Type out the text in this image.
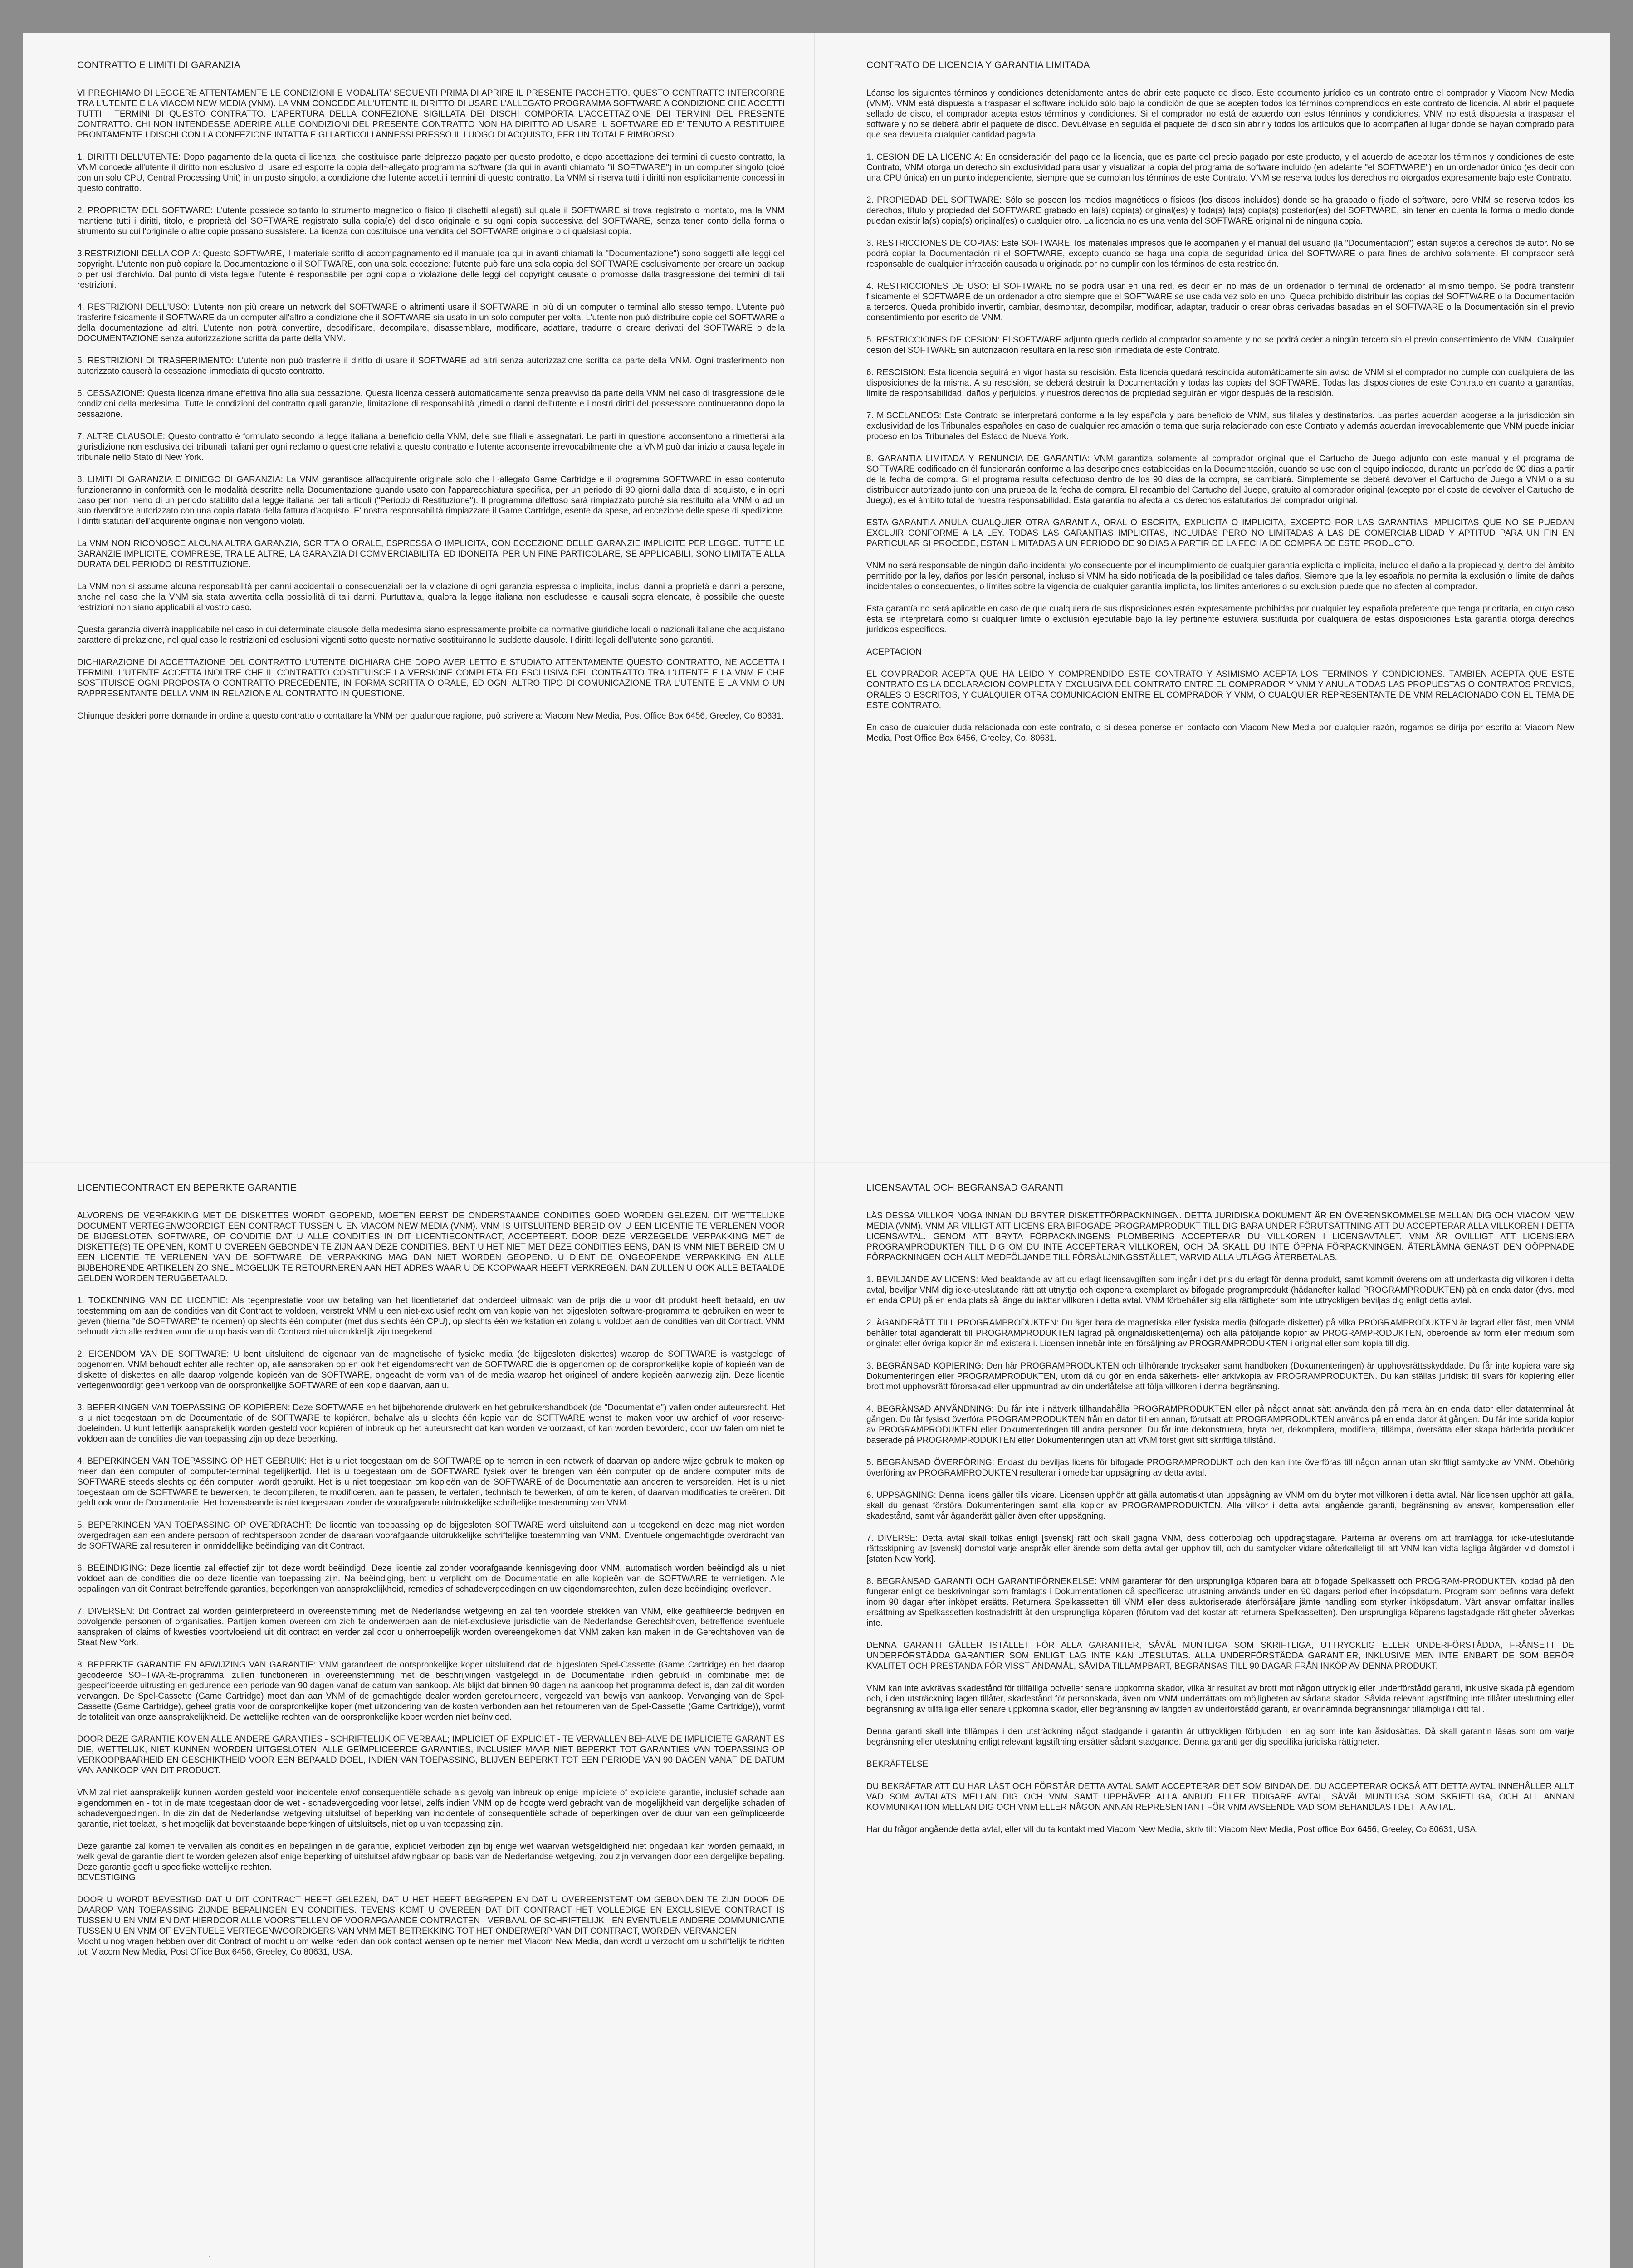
CONTRATTO E LIMITI DI GARANZIA
VI PREGHIAMO DI LEGGERE ATTENTAMENTE LE CONDIZIONI E MODALITA' SEGUENTI PRIMA DI APRIRE IL PRESENTE PACCHETTO. QUESTO CONTRATTO INTERCORRE TRA L'UTENTE E LA VIACOM NEW MEDIA (VNM). LA VNM CONCEDE ALL'UTENTE IL DIRITTO DI USARE L'ALLEGATO PROGRAMMA SOFTWARE A CONDIZIONE CHE ACCETTI TUTTI I TERMINI DI QUESTO CONTRATTO. L'APERTURA DELLA CONFEZIONE SIGILLATA DEI DISCHI COMPORTA L'ACCETTAZIONE DEI TERMINI DEL PRESENTE CONTRATTO. CHI NON INTENDESSE ADERIRE ALLE CONDIZIONI DEL PRESENTE CONTRATTO NON HA DIRITTO AD USARE IL SOFTWARE ED E' TENUTO A RESTITUIRE PRONTAMENTE I DISCHI CON LA CONFEZIONE INTATTA E GLI ARTICOLI ANNESSI PRESSO IL LUOGO DI ACQUISTO, PER UN TOTALE RIMBORSO.
1. DIRITTI DELL'UTENTE: Dopo pagamento della quota di licenza, che costituisce parte delprezzo pagato per questo prodotto, e dopo accettazione dei termini di questo contratto, la VNM concede all'utente il diritto non esclusivo di usare ed esporre la copia dell~allegato programma software (da qui in avanti chiamato "il SOFTWARE") in un computer singolo (cioè con un solo CPU, Central Processing Unit) in un posto singolo, a condizione che l'utente accetti i termini di questo contratto. La VNM si riserva tutti i diritti non esplicitamente concessi in questo contratto.
2. PROPRIETA' DEL SOFTWARE: L'utente possiede soltanto lo strumento magnetico o fisico (i dischetti allegati) sul quale il SOFTWARE si trova registrato o montato, ma la VNM mantiene tutti i diritti, titolo, e proprietà del SOFTWARE registrato sulla copia(e) del disco originale e su ogni copia successiva del SOFTWARE, senza tener conto della forma o strumento su cui l'originale o altre copie possano sussistere. La licenza con costituisce una vendita del SOFTWARE originale o di qualsiasi copia.
3.RESTRIZIONI DELLA COPIA: Questo SOFTWARE, il materiale scritto di accompagnamento ed il manuale (da qui in avanti chiamati la "Documentazione") sono soggetti alle leggi del copyright. L'utente non può copiare la Documentazione o il SOFTWARE, con una sola eccezione: l'utente può fare una sola copia del SOFTWARE esclusivamente per creare un backup o per usi d'archivio. Dal punto di vista legale l'utente è responsabile per ogni copia o violazione delle leggi del copyright causate o promosse dalla trasgressione dei termini di tali restrizioni.
4. RESTRIZIONI DELL'USO: L'utente non più creare un network del SOFTWARE o altrimenti usare il SOFTWARE in più di un computer o terminal allo stesso tempo. L'utente può trasferire fisicamente il SOFTWARE da un computer all'altro a condizione che il SOFTWARE sia usato in un solo computer per volta. L'utente non può distribuire copie del SOFTWARE o della documentazione ad altri. L'utente non potrà convertire, decodificare, decompilare, disassemblare, modificare, adattare, tradurre o creare derivati del SOFTWARE o della DOCUMENTAZIONE senza autorizzazione scritta da parte della VNM.
5. RESTRIZIONI DI TRASFERIMENTO: L'utente non può trasferire il diritto di usare il SOFTWARE ad altri senza autorizzazione scritta da parte della VNM. Ogni trasferimento non autorizzato causerà la cessazione immediata di questo contratto.
6. CESSAZIONE: Questa licenza rimane effettiva fino alla sua cessazione. Questa licenza cesserà automaticamente senza preavviso da parte della VNM nel caso di trasgressione delle condizioni della medesima. Tutte le condizioni del contratto quali garanzie, limitazione di responsabilità ,rimedi o danni dell'utente e i nostri diritti del possessore continueranno dopo la cessazione.
7. ALTRE CLAUSOLE: Questo contratto è formulato secondo la legge italiana a beneficio della VNM, delle sue filiali e assegnatari. Le parti in questione acconsentono a rimettersi alla giurisdizione non esclusiva dei tribunali italiani per ogni reclamo o questione relativi a questo contratto e l'utente acconsente irrevocabilmente che la VNM può dar inizio a causa legale in tribunale nello Stato di New York.
8. LIMITI DI GARANZIA E DINIEGO DI GARANZIA: La VNM garantisce all'acquirente originale solo che l~allegato Game Cartridge e il programma SOFTWARE in esso contenuto funzioneranno in conformità con le modalità descritte nella Documentazione quando usato con l'apparecchiatura specifica, per un periodo di 90 giorni dalla data di acquisto, e in ogni caso per non meno di un periodo stabilito dalla legge italiana per tali articoli ("Periodo di Restituzione"). Il programma difettoso sarà rimpiazzato purché sia restituito alla VNM o ad un suo rivenditore autorizzato con una copia datata della fattura d'acquisto. E' nostra responsabilità rimpiazzare il Game Cartridge, esente da spese, ad eccezione delle spese di spedizione. I diritti statutari dell'acquirente originale non vengono violati.
La VNM NON RICONOSCE ALCUNA ALTRA GARANZIA, SCRITTA O ORALE, ESPRESSA O IMPLICITA, CON ECCEZIONE DELLE GARANZIE IMPLICITE PER LEGGE. TUTTE LE GARANZIE IMPLICITE, COMPRESE, TRA LE ALTRE, LA GARANZIA DI COMMERCIABILITA' ED IDONEITA' PER UN FINE PARTICOLARE, SE APPLICABILI, SONO LIMITATE ALLA DURATA DEL PERIODO DI RESTITUZIONE.
La VNM non si assume alcuna responsabilità per danni accidentali o consequenziali per la violazione di ogni garanzia espressa o implicita, inclusi danni a proprietà e danni a persone, anche nel caso che la VNM sia stata avvertita della possibilità di tali danni. Purtuttavia, qualora la legge italiana non escludesse le causali sopra elencate, è possibile che queste restrizioni non siano applicabili al vostro caso.
Questa garanzia diverrà inapplicabile nel caso in cui determinate clausole della medesima siano espressamente proibite da normative giuridiche locali o nazionali italiane che acquistano carattere di prelazione, nel qual caso le restrizioni ed esclusioni vigenti sotto queste normative sostituiranno le suddette clausole. I diritti legali dell'utente sono garantiti.
DICHIARAZIONE DI ACCETTAZIONE DEL CONTRATTO L'UTENTE DICHIARA CHE DOPO AVER LETTO E STUDIATO ATTENTAMENTE QUESTO CONTRATTO, NE ACCETTA I TERMINI. L'UTENTE ACCETTA INOLTRE CHE IL CONTRATTO COSTITUISCE LA VERSIONE COMPLETA ED ESCLUSIVA DEL CONTRATTO TRA L'UTENTE E LA VNM E CHE SOSTITUISCE OGNI PROPOSTA O CONTRATTO PRECEDENTE, IN FORMA SCRITTA O ORALE, ED OGNI ALTRO TIPO DI COMUNICAZIONE TRA L'UTENTE E LA VNM O UN RAPPRESENTANTE DELLA VNM IN RELAZIONE AL CONTRATTO IN QUESTIONE.
Chiunque desideri porre domande in ordine a questo contratto o contattare la VNM per qualunque ragione, può scrivere a: Viacom New Media, Post Office Box 6456, Greeley, Co 80631.
CONTRATO DE LICENCIA Y GARANTIA LIMITADA
Léanse los siguientes términos y condiciones detenidamente antes de abrir este paquete de disco. Este documento jurídico es un contrato entre el comprador y Viacom New Media (VNM). VNM está dispuesta a traspasar el software incluido sólo bajo la condición de que se acepten todos los términos comprendidos en este contrato de licencia. Al abrir el paquete sellado de disco, el comprador acepta estos términos y condiciones. Si el comprador no está de acuerdo con estos términos y condiciones, VNM no está dispuesta a traspasar el software y no se deberá abrir el paquete de disco. Devuélvase en seguida el paquete del disco sin abrir y todos los artículos que lo acompañen al lugar donde se hayan comprado para que sea devuelta cualquier cantidad pagada.
1. CESION DE LA LICENCIA: En consideración del pago de la licencia, que es parte del precio pagado por este producto, y el acuerdo de aceptar los términos y condiciones de este Contrato, VNM otorga un derecho sin exclusividad para usar y visualizar la copia del programa de software incluido (en adelante "el SOFTWARE") en un ordenador único (es decir con una CPU única) en un punto independiente, siempre que se cumplan los términos de este Contrato. VNM se reserva todos los derechos no otorgados expresamente bajo este Contrato.
2. PROPIEDAD DEL SOFTWARE: Sólo se poseen los medios magnéticos o físicos (los discos incluidos) donde se ha grabado o fijado el software, pero VNM se reserva todos los derechos, título y propiedad del SOFTWARE grabado en la(s) copia(s) original(es) y toda(s) la(s) copia(s) posterior(es) del SOFTWARE, sin tener en cuenta la forma o medio donde puedan existir la(s) copia(s) original(es) o cualquier otro. La licencia no es una venta del SOFTWARE original ni de ninguna copia.
3. RESTRICCIONES DE COPIAS: Este SOFTWARE, los materiales impresos que le acompañen y el manual del usuario (la "Documentación") están sujetos a derechos de autor. No se podrá copiar la Documentación ni el SOFTWARE, excepto cuando se haga una copia de seguridad única del SOFTWARE o para fines de archivo solamente. El comprador será responsable de cualquier infracción causada u originada por no cumplir con los términos de esta restricción.
4. RESTRICCIONES DE USO: El SOFTWARE no se podrá usar en una red, es decir en no más de un ordenador o terminal de ordenador al mismo tiempo. Se podrá transferir físicamente el SOFTWARE de un ordenador a otro siempre que el SOFTWARE se use cada vez sólo en uno. Queda prohibido distribuir las copias del SOFTWARE o la Documentación a terceros. Queda prohibido invertir, cambiar, desmontar, decompilar, modificar, adaptar, traducir o crear obras derivadas basadas en el SOFTWARE o la Documentación sin el previo consentimiento por escrito de VNM.
5. RESTRICCIONES DE CESION: El SOFTWARE adjunto queda cedido al comprador solamente y no se podrá ceder a ningún tercero sin el previo consentimiento de VNM. Cualquier cesión del SOFTWARE sin autorización resultará en la rescisión inmediata de este Contrato.
6. RESCISION: Esta licencia seguirá en vigor hasta su rescisión. Esta licencia quedará rescindida automáticamente sin aviso de VNM si el comprador no cumple con cualquiera de las disposiciones de la misma. A su rescisión, se deberá destruir la Documentación y todas las copias del SOFTWARE. Todas las disposiciones de este Contrato en cuanto a garantías, límite de responsabilidad, daños y perjuicios, y nuestros derechos de propiedad seguirán en vigor después de la rescisión.
7. MISCELANEOS: Este Contrato se interpretará conforme a la ley española y para beneficio de VNM, sus filiales y destinatarios. Las partes acuerdan acogerse a la jurisdicción sin exclusividad de los Tribunales españoles en caso de cualquier reclamación o tema que surja relacionado con este Contrato y además acuerdan irrevocablemente que VNM puede iniciar proceso en los Tribunales del Estado de Nueva York.
8. GARANTIA LIMITADA Y RENUNCIA DE GARANTIA: VNM garantiza solamente al comprador original que el Cartucho de Juego adjunto con este manual y el programa de SOFTWARE codificado en él funcionarán conforme a las descripciones establecidas en la Documentación, cuando se use con el equipo indicado, durante un período de 90 días a partir de la fecha de compra. Si el programa resulta defectuoso dentro de los 90 días de la compra, se cambiará. Simplemente se deberá devolver el Cartucho de Juego a VNM o a su distribuidor autorizado junto con una prueba de la fecha de compra. El recambio del Cartucho del Juego, gratuito al comprador original (excepto por el coste de devolver el Cartucho de Juego), es el ámbito total de nuestra responsabilidad. Esta garantía no afecta a los derechos estatutarios del comprador original.
ESTA GARANTIA ANULA CUALQUIER OTRA GARANTIA, ORAL O ESCRITA, EXPLICITA O IMPLICITA, EXCEPTO POR LAS GARANTIAS IMPLICITAS QUE NO SE PUEDAN EXCLUIR CONFORME A LA LEY. TODAS LAS GARANTIAS IMPLICITAS, INCLUIDAS PERO NO LIMITADAS A LAS DE COMERCIABILIDAD Y APTITUD PARA UN FIN EN PARTICULAR SI PROCEDE, ESTAN LIMITADAS A UN PERIODO DE 90 DIAS A PARTIR DE LA FECHA DE COMPRA DE ESTE PRODUCTO.
VNM no será responsable de ningún daño incidental y/o consecuente por el incumplimiento de cualquier garantía explícita o implícita, incluido el daño a la propiedad y, dentro del ámbito permitido por la ley, daños por lesión personal, incluso si VNM ha sido notificada de la posibilidad de tales daños. Siempre que la ley española no permita la exclusión o límite de daños incidentales o consecuentes, o límites sobre la vigencia de cualquier garantía implícita, los límites anteriores o su exclusión puede que no afecten al comprador.
Esta garantía no será aplicable en caso de que cualquiera de sus disposiciones estén expresamente prohibidas por cualquier ley española preferente que tenga prioritaria, en cuyo caso ésta se interpretará como si cualquier límite o exclusión ejecutable bajo la ley pertinente estuviera sustituida por cualquiera de estas disposiciones Esta garantía otorga derechos jurídicos específicos.
ACEPTACION
EL COMPRADOR ACEPTA QUE HA LEIDO Y COMPRENDIDO ESTE CONTRATO Y ASIMISMO ACEPTA LOS TERMINOS Y CONDICIONES. TAMBIEN ACEPTA QUE ESTE CONTRATO ES LA DECLARACION COMPLETA Y EXCLUSIVA DEL CONTRATO ENTRE EL COMPRADOR Y VNM Y ANULA TODAS LAS PROPUESTAS O CONTRATOS PREVIOS, ORALES O ESCRITOS, Y CUALQUIER OTRA COMUNICACION ENTRE EL COMPRADOR Y VNM, O CUALQUIER REPRESENTANTE DE VNM RELACIONADO CON EL TEMA DE ESTE CONTRATO.
En caso de cualquier duda relacionada con este contrato, o si desea ponerse en contacto con Viacom New Media por cualquier razón, rogamos se dirija por escrito a: Viacom New Media, Post Office Box 6456, Greeley, Co. 80631.
LICENTIECONTRACT EN BEPERKTE GARANTIE
ALVORENS DE VERPAKKING MET DE DISKETTES WORDT GEOPEND, MOETEN EERST DE ONDERSTAANDE CONDITIES GOED WORDEN GELEZEN. DIT WETTELIJKE DOCUMENT VERTEGENWOORDIGT EEN CONTRACT TUSSEN U EN VIACOM NEW MEDIA (VNM). VNM IS UITSLUITEND BEREID OM U EEN LICENTIE TE VERLENEN VOOR DE BIJGESLOTEN SOFTWARE, OP CONDITIE DAT U ALLE CONDITIES IN DIT LICENTIECONTRACT, ACCEPTEERT. DOOR DEZE VERZEGELDE VERPAKKING MET de DISKETTE(S) TE OPENEN, KOMT U OVEREEN GEBONDEN TE ZIJN AAN DEZE CONDITIES. BENT U HET NIET MET DEZE CONDITIES EENS, DAN IS VNM NIET BEREID OM U EEN LICENTIE TE VERLENEN VAN DE SOFTWARE. DE VERPAKKING MAG DAN NIET WORDEN GEOPEND. U DIENT DE ONGEOPENDE VERPAKKING EN ALLE BIJBEHORENDE ARTIKELEN ZO SNEL MOGELIJK TE RETOURNEREN AAN HET ADRES WAAR U DE KOOPWAAR HEEFT VERKREGEN. DAN ZULLEN U OOK ALLE BETAALDE GELDEN WORDEN TERUGBETAALD.
1. TOEKENNING VAN DE LICENTIE: Als tegenprestatie voor uw betaling van het licentietarief dat onderdeel uitmaakt van de prijs die u voor dit produkt heeft betaald, en uw toestemming om aan de condities van dit Contract te voldoen, verstrekt VNM u een niet-exclusief recht om van kopie van het bijgesloten software-programma te gebruiken en weer te geven (hierna "de SOFTWARE" te noemen) op slechts één computer (met dus slechts één CPU), op slechts één werkstation en zolang u voldoet aan de condities van dit Contract. VNM behoudt zich alle rechten voor die u op basis van dit Contract niet uitdrukkelijk zijn toegekend.
2. EIGENDOM VAN DE SOFTWARE: U bent uitsluitend de eigenaar van de magnetische of fysieke media (de bijgesloten diskettes) waarop de SOFTWARE is vastgelegd of opgenomen. VNM behoudt echter alle rechten op, alle aanspraken op en ook het eigendomsrecht van de SOFTWARE die is opgenomen op de oorspronkelijke kopie of kopieën van de diskette of diskettes en alle daarop volgende kopieën van de SOFTWARE, ongeacht de vorm van of de media waarop het origineel of andere kopieën aanwezig zijn. Deze licentie vertegenwoordigt geen verkoop van de oorspronkelijke SOFTWARE of een kopie daarvan, aan u.
3. BEPERKINGEN VAN TOEPASSING OP KOPIËREN: Deze SOFTWARE en het bijbehorende drukwerk en het gebruikershandboek (de "Documentatie") vallen onder auteursrecht. Het is u niet toegestaan om de Documentatie of de SOFTWARE te kopiëren, behalve als u slechts één kopie van de SOFTWARE wenst te maken voor uw archief of voor reserve-doeleinden. U kunt letterlijk aansprakelijk worden gesteld voor kopiëren of inbreuk op het auteursrecht dat kan worden veroorzaakt, of kan worden bevorderd, door uw falen om niet te voldoen aan de condities die van toepassing zijn op deze beperking.
4. BEPERKINGEN VAN TOEPASSING OP HET GEBRUIK: Het is u niet toegestaan om de SOFTWARE op te nemen in een netwerk of daarvan op andere wijze gebruik te maken op meer dan één computer of computer-terminal tegelijkertijd. Het is u toegestaan om de SOFTWARE fysiek over te brengen van één computer op de andere computer mits de SOFTWARE steeds slechts op één computer, wordt gebruikt. Het is u niet toegestaan om kopieën van de SOFTWARE of de Documentatie aan anderen te verspreiden. Het is u niet toegestaan om de SOFTWARE te bewerken, te decompileren, te modificeren, aan te passen, te vertalen, technisch te bewerken, of om te keren, of daarvan modificaties te creëren. Dit geldt ook voor de Documentatie. Het bovenstaande is niet toegestaan zonder de voorafgaande uitdrukkelijke schriftelijke toestemming van VNM.
5. BEPERKINGEN VAN TOEPASSING OP OVERDRACHT: De licentie van toepassing op de bijgesloten SOFTWARE werd uitsluitend aan u toegekend en deze mag niet worden overgedragen aan een andere persoon of rechtspersoon zonder de daaraan voorafgaande uitdrukkelijke schriftelijke toestemming van VNM. Eventuele ongemachtigde overdracht van de SOFTWARE zal resulteren in onmiddellijke beëindiging van dit Contract.
6. BEËINDIGING: Deze licentie zal effectief zijn tot deze wordt beëindigd. Deze licentie zal zonder voorafgaande kennisgeving door VNM, automatisch worden beëindigd als u niet voldoet aan de condities die op deze licentie van toepassing zijn. Na beëindiging, bent u verplicht om de Documentatie en alle kopieën van de SOFTWARE te vernietigen. Alle bepalingen van dit Contract betreffende garanties, beperkingen van aansprakelijkheid, remedies of schadevergoedingen en uw eigendomsrechten, zullen deze beëindiging overleven.
7. DIVERSEN: Dit Contract zal worden geïnterpreteerd in overeenstemming met de Nederlandse wetgeving en zal ten voordele strekken van VNM, elke geaffilieerde bedrijven en opvolgende personen of organisaties. Partijen komen overeen om zich te onderwerpen aan de niet-exclusieve jurisdictie van de Nederlandse Gerechtshoven, betreffende eventuele aanspraken of claims of kwesties voortvloeiend uit dit contract en verder zal door u onherroepelijk worden overeengekomen dat VNM zaken kan maken in de Gerechtshoven van de Staat New York.
8. BEPERKTE GARANTIE EN AFWIJZING VAN GARANTIE: VNM garandeert de oorspronkelijke koper uitsluitend dat de bijgesloten Spel-Cassette (Game Cartridge) en het daarop gecodeerde SOFTWARE-programma, zullen functioneren in overeenstemming met de beschrijvingen vastgelegd in de Documentatie indien gebruikt in combinatie met de gespecificeerde uitrusting en gedurende een periode van 90 dagen vanaf de datum van aankoop. Als blijkt dat binnen 90 dagen na aankoop het programma defect is, dan zal dit worden vervangen. De Spel-Cassette (Game Cartridge) moet dan aan VNM of de gemachtigde dealer worden geretourneerd, vergezeld van bewijs van aankoop. Vervanging van de Spel-Cassette (Game Cartridge), geheel gratis voor de oorspronkelijke koper (met uitzondering van de kosten verbonden aan het retourneren van de Spel-Cassette (Game Cartridge)), vormt de totaliteit van onze aansprakelijkheid. De wettelijke rechten van de oorspronkelijke koper worden niet beïnvloed.
DOOR DEZE GARANTIE KOMEN ALLE ANDERE GARANTIES - SCHRIFTELIJK OF VERBAAL; IMPLICIET OF EXPLICIET - TE VERVALLEN BEHALVE DE IMPLICIETE GARANTIES DIE, WETTELIJK, NIET KUNNEN WORDEN UITGESLOTEN. ALLE GEÏMPLICEERDE GARANTIES, INCLUSIEF MAAR NIET BEPERKT TOT GARANTIES VAN TOEPASSING OP VERKOOPBAARHEID EN GESCHIKTHEID VOOR EEN BEPAALD DOEL, INDIEN VAN TOEPASSING, BLIJVEN BEPERKT TOT EEN PERIODE VAN 90 DAGEN VANAF DE DATUM VAN AANKOOP VAN DIT PRODUCT.
VNM zal niet aansprakelijk kunnen worden gesteld voor incidentele en/of consequentiële schade als gevolg van inbreuk op enige impliciete of expliciete garantie, inclusief schade aan eigendommen en - tot in de mate toegestaan door de wet - schadevergoeding voor letsel, zelfs indien VNM op de hoogte werd gebracht van de mogelijkheid van dergelijke schaden of schadevergoedingen. In die zin dat de Nederlandse wetgeving uitsluitsel of beperking van incidentele of consequentiële schade of beperkingen over de duur van een geïmpliceerde garantie, niet toelaat, is het mogelijk dat bovenstaande beperkingen of uitsluitsels, niet op u van toepassing zijn.
Deze garantie zal komen te vervallen als condities en bepalingen in de garantie, expliciet verboden zijn bij enige wet waarvan wetsgeldigheid niet ongedaan kan worden gemaakt, in welk geval de garantie dient te worden gelezen alsof enige beperking of uitsluitsel afdwingbaar op basis van de Nederlandse wetgeving, zou zijn vervangen door een dergelijke bepaling. Deze garantie geeft u specifieke wettelijke rechten.
BEVESTIGING
DOOR U WORDT BEVESTIGD DAT U DIT CONTRACT HEEFT GELEZEN, DAT U HET HEEFT BEGREPEN EN DAT U OVEREENSTEMT OM GEBONDEN TE ZIJN DOOR DE DAAROP VAN TOEPASSING ZIJNDE BEPALINGEN EN CONDITIES. TEVENS KOMT U OVEREEN DAT DIT CONTRACT HET VOLLEDIGE EN EXCLUSIEVE CONTRACT IS TUSSEN U EN VNM EN DAT HIERDOOR ALLE VOORSTELLEN OF VOORAFGAANDE CONTRACTEN - VERBAAL OF SCHRIFTELIJK - EN EVENTUELE ANDERE COMMUNICATIE TUSSEN U EN VNM OF EVENTUELE VERTEGENWOORDIGERS VAN VNM MET BETREKKING TOT HET ONDERWERP VAN DIT CONTRACT, WORDEN VERVANGEN.
Mocht u nog vragen hebben over dit Contract of mocht u om welke reden dan ook contact wensen op te nemen met Viacom New Media, dan wordt u verzocht om u schriftelijk te richten tot: Viacom New Media, Post Office Box 6456, Greeley, Co 80631, USA.
LICENSAVTAL OCH BEGRÄNSAD GARANTI
LÄS DESSA VILLKOR NOGA INNAN DU BRYTER DISKETTFÖRPACKNINGEN. DETTA JURIDISKA DOKUMENT ÄR EN ÖVERENSKOMMELSE MELLAN DIG OCH VIACOM NEW MEDIA (VNM). VNM ÄR VILLIGT ATT LICENSIERA BIFOGADE PROGRAMPRODUKT TILL DIG BARA UNDER FÖRUTSÄTTNING ATT DU ACCEPTERAR ALLA VILLKOREN I DETTA LICENSAVTAL. GENOM ATT BRYTA FÖRPACKNINGENS PLOMBERING ACCEPTERAR DU VILLKOREN I LICENSAVTALET. VNM ÄR OVILLIGT ATT LICENSIERA PROGRAMPRODUKTEN TILL DIG OM DU INTE ACCEPTERAR VILLKOREN, OCH DÅ SKALL DU INTE ÖPPNA FÖRPACKNINGEN. ÅTERLÄMNA GENAST DEN OÖPPNADE FÖRPACKNINGEN OCH ALLT MEDFÖLJANDE TILL FÖRSÄLJNINGSSTÄLLET, VARVID ALLA UTLÄGG ÅTERBETALAS.
1. BEVILJANDE AV LICENS: Med beaktande av att du erlagt licensavgiften som ingår i det pris du erlagt för denna produkt, samt kommit överens om att underkasta dig villkoren i detta avtal, beviljar VNM dig icke-uteslutande rätt att utnyttja och exponera exemplaret av bifogade programprodukt (hädanefter kallad PROGRAMPRODUKTEN) på en enda dator (dvs. med en enda CPU) på en enda plats så länge du iakttar villkoren i detta avtal. VNM förbehåller sig alla rättigheter som inte uttryckligen beviljas dig enligt detta avtal.
2. ÄGANDERÄTT TILL PROGRAMPRODUKTEN: Du äger bara de magnetiska eller fysiska media (bifogade disketter) på vilka PROGRAMPRODUKTEN är lagrad eller fäst, men VNM behåller total äganderätt till PROGRAMPRODUKTEN lagrad på originaldisketten(erna) och alla påföljande kopior av PROGRAMPRODUKTEN, oberoende av form eller medium som originalet eller övriga kopior än må existera i. Licensen innebär inte en försäljning av PROGRAMPRODUKTEN i original eller som kopia till dig.
3. BEGRÄNSAD KOPIERING: Den här PROGRAMPRODUKTEN och tillhörande trycksaker samt handboken (Dokumenteringen) är upphovsrättsskyddade. Du får inte kopiera vare sig Dokumenteringen eller PROGRAMPRODUKTEN, utom då du gör en enda säkerhets- eller arkivkopia av PROGRAMPRODUKTEN. Du kan ställas juridiskt till svars för kopiering eller brott mot upphovsrätt förorsakad eller uppmuntrad av din underlåtelse att följa villkoren i denna begränsning.
4. BEGRÄNSAD ANVÄNDNING: Du får inte i nätverk tillhandahålla PROGRAMPRODUKTEN eller på något annat sätt använda den på mera än en enda dator eller dataterminal åt gången. Du får fysiskt överföra PROGRAMPRODUKTEN från en dator till en annan, förutsatt att PROGRAMPRODUKTEN används på en enda dator åt gången. Du får inte sprida kopior av PROGRAMPRODUKTEN eller Dokumenteringen till andra personer. Du får inte dekonstruera, bryta ner, dekompilera, modifiera, tillämpa, översätta eller skapa härledda produkter baserade på PROGRAMPRODUKTEN eller Dokumenteringen utan att VNM först givit sitt skriftliga tillstånd.
5. BEGRÄNSAD ÖVERFÖRING: Endast du beviljas licens för bifogade PROGRAMPRODUKT och den kan inte överföras till någon annan utan skriftligt samtycke av VNM. Obehörig överföring av PROGRAMPRODUKTEN resulterar i omedelbar uppsägning av detta avtal.
6. UPPSÄGNING: Denna licens gäller tills vidare. Licensen upphör att gälla automatiskt utan uppsägning av VNM om du bryter mot villkoren i detta avtal. När licensen upphör att gälla, skall du genast förstöra Dokumenteringen samt alla kopior av PROGRAMPRODUKTEN. Alla villkor i detta avtal angående garanti, begränsning av ansvar, kompensation eller skadestånd, samt vår äganderätt gäller även efter uppsägning.
7. DIVERSE: Detta avtal skall tolkas enligt [svensk] rätt och skall gagna VNM, dess dotterbolag och uppdragstagare. Parterna är överens om att framlägga för icke-uteslutande rättsskipning av [svensk] domstol varje anspråk eller ärende som detta avtal ger upphov till, och du samtycker vidare oåterkalleligt till att VNM kan vidta lagliga åtgärder vid domstol i [staten New York].
8. BEGRÄNSAD GARANTI OCH GARANTIFÖRNEKELSE: VNM garanterar för den ursprungliga köparen bara att bifogade Spelkassett och PROGRAM-PRODUKTEN kodad på den fungerar enligt de beskrivningar som framlagts i Dokumentationen då specificerad utrustning används under en 90 dagars period efter inköpsdatum. Program som befinns vara defekt inom 90 dagar efter inköpet ersätts. Returnera Spelkassetten till VNM eller dess auktoriserade återförsäljare jämte handling som styrker inköpsdatum. Vårt ansvar omfattar inalles ersättning av Spelkassetten kostnadsfritt åt den ursprungliga köparen (förutom vad det kostar att returnera Spelkassetten). Den ursprungliga köparens lagstadgade rättigheter påverkas inte.
DENNA GARANTI GÄLLER ISTÄLLET FÖR ALLA GARANTIER, SÅVÄL MUNTLIGA SOM SKRIFTLIGA, UTTRYCKLIG ELLER UNDERFÖRSTÅDDA, FRÅNSETT DE UNDERFÖRSTÅDDA GARANTIER SOM ENLIGT LAG INTE KAN UTESLUTAS. ALLA UNDERFÖRSTÅDDA GARANTIER, INKLUSIVE MEN INTE ENBART DE SOM BERÖR KVALITET OCH PRESTANDA FÖR VISST ÄNDAMÅL, SÅVIDA TILLÄMPBART, BEGRÄNSAS TILL 90 DAGAR FRÅN INKÖP AV DENNA PRODUKT.
VNM kan inte avkrävas skadestånd för tillfälliga och/eller senare uppkomna skador, vilka är resultat av brott mot någon uttrycklig eller underförstådd garanti, inklusive skada på egendom och, i den utsträckning lagen tillåter, skadestånd för personskada, även om VNM underrättats om möjligheten av sådana skador. Såvida relevant lagstiftning inte tillåter uteslutning eller begränsning av tillfälliga eller senare uppkomna skador, eller begränsning av längden av underförstådd garanti, är ovannämnda begränsningar tillämpliga i ditt fall.
Denna garanti skall inte tillämpas i den utsträckning något stadgande i garantin är uttryckligen förbjuden i en lag som inte kan åsidosättas. Då skall garantin läsas som om varje begränsning eller uteslutning enligt relevant lagstiftning ersätter sådant stadgande. Denna garanti ger dig specifika juridiska rättigheter.
BEKRÄFTELSE
DU BEKRÄFTAR ATT DU HAR LÄST OCH FÖRSTÅR DETTA AVTAL SAMT ACCEPTERAR DET SOM BINDANDE. DU ACCEPTERAR OCKSÅ ATT DETTA AVTAL INNEHÅLLER ALLT VAD SOM AVTALATS MELLAN DIG OCH VNM SAMT UPPHÄVER ALLA ANBUD ELLER TIDIGARE AVTAL, SÅVÄL MUNTLIGA SOM SKRIFTLIGA, OCH ALL ANNAN KOMMUNIKATION MELLAN DIG OCH VNM ELLER NÅGON ANNAN REPRESENTANT FÖR VNM AVSEENDE VAD SOM BEHANDLAS I DETTA AVTAL.
Har du frågor angående detta avtal, eller vill du ta kontakt med Viacom New Media, skriv till: Viacom New Media, Post office Box 6456, Greeley, Co 80631, USA.
.
